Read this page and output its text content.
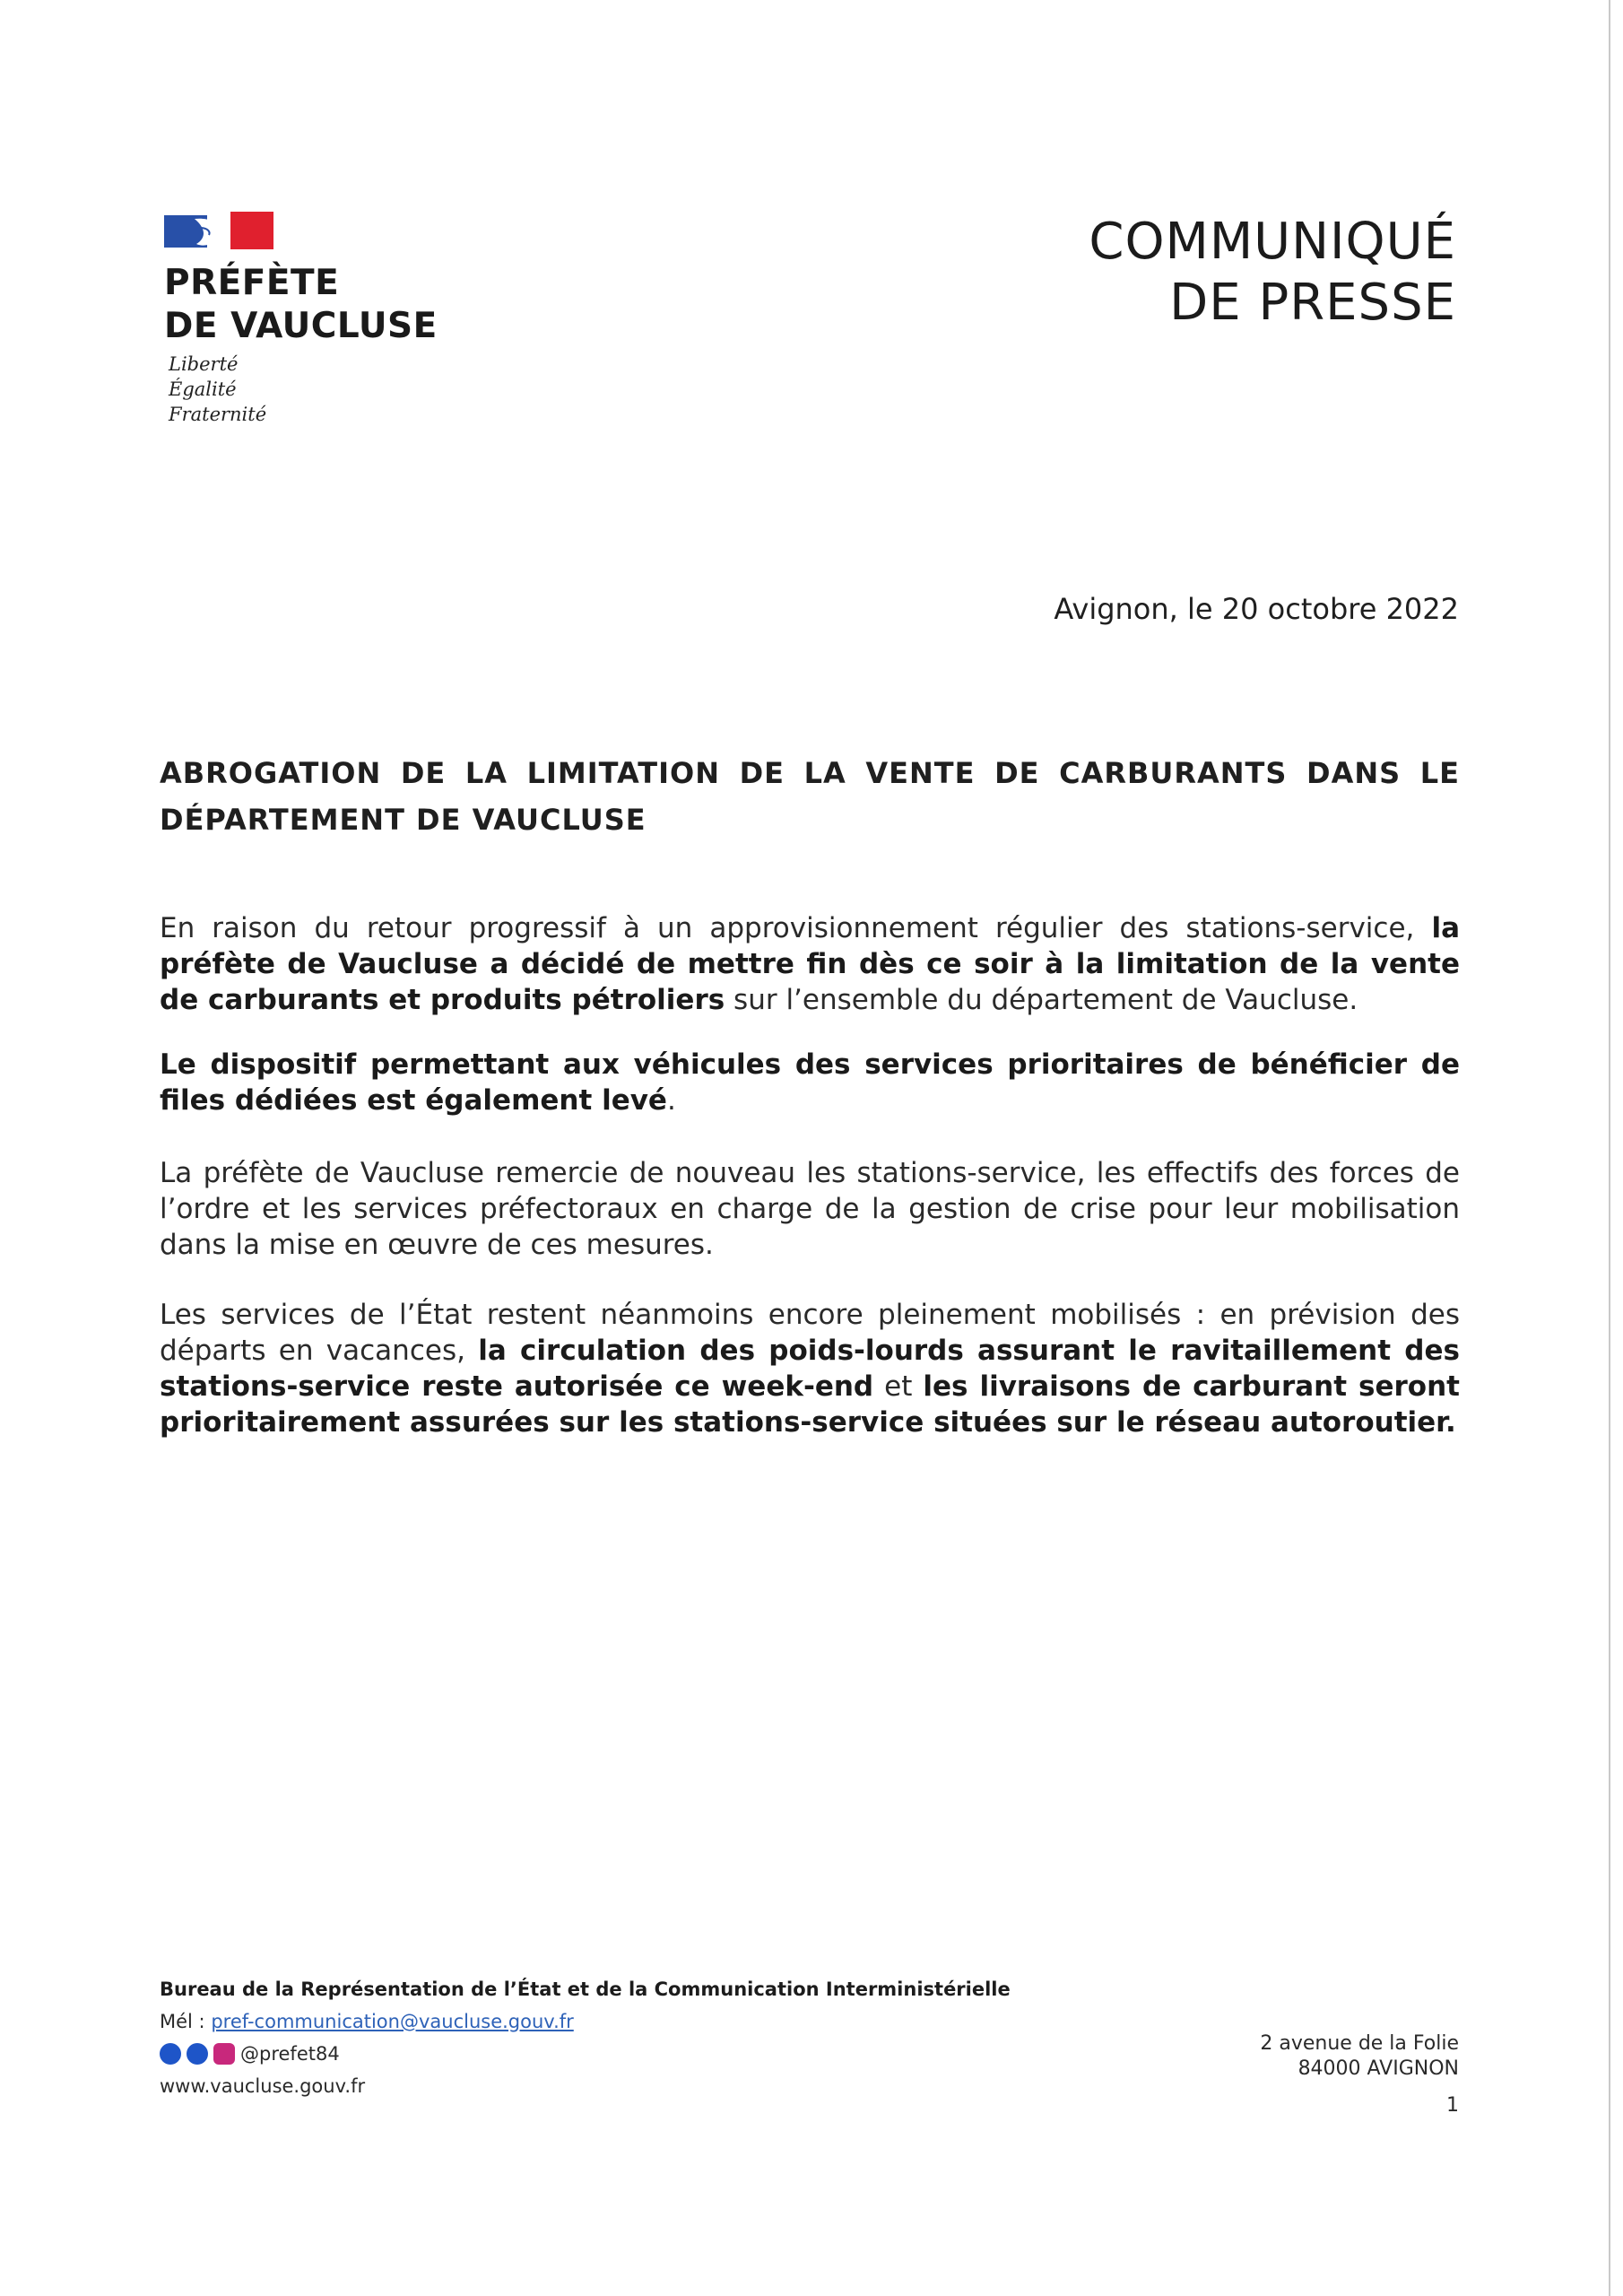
PRÉFÈTE
DE VAUCLUSE
Liberté
Égalité
Fraternité
COMMUNIQUÉ
DE PRESSE
Avignon, le 20 octobre 2022
ABROGATION DE LA LIMITATION DE LA VENTE DE CARBURANTS DANS LE DÉPARTEMENT DE VAUCLUSE
En raison du retour progressif à un approvisionnement régulier des stations-service, la préfète de Vaucluse a décidé de mettre fin dès ce soir à la limitation de la vente de carburants et produits pétroliers sur l’ensemble du département de Vaucluse.
Le dispositif permettant aux véhicules des services prioritaires de bénéficier de files dédiées est également levé.
La préfète de Vaucluse remercie de nouveau les stations-service, les effectifs des forces de l’ordre et les services préfectoraux en charge de la gestion de crise pour leur mobilisation dans la mise en œuvre de ces mesures.
Les services de l’État restent néanmoins encore pleinement mobilisés : en prévision des départs en vacances, la circulation des poids-lourds assurant le ravitaillement des stations-service reste autorisée ce week-end et les livraisons de carburant seront prioritairement assurées sur les stations-service situées sur le réseau autoroutier.
Bureau de la Représentation de l’État et de la Communication Interministérielle
Mél : pref-communication@vaucluse.gouv.fr
@prefet84
www.vaucluse.gouv.fr
2 avenue de la Folie
84000 AVIGNON
1
